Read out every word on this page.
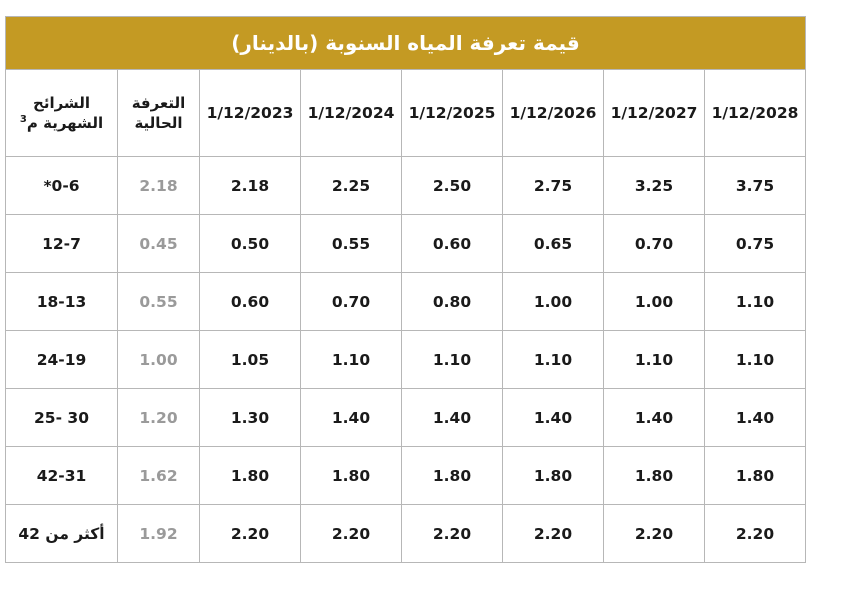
قيمة تعرفة المياه السنوبة (بالدينار)							
1/12/2028	1/12/2027	1/12/2026	1/12/2025	1/12/2024	1/12/2023	التعرفة الحالية	الشرائح الشهرية م$^3$
3.75	3.25	2.75	2.50	2.25	2.18	2.18	0-6*
0.75	0.70	0.65	0.60	0.55	0.50	0.45	12-7
1.10	1.00	1.00	0.80	0.70	0.60	0.55	18-13
1.10	1.10	1.10	1.10	1.10	1.05	1.00	24-19
1.40	1.40	1.40	1.40	1.40	1.30	1.20	30 -25
1.80	1.80	1.80	1.80	1.80	1.80	1.62	42-31
2.20	2.20	2.20	2.20	2.20	2.20	1.92	أكثر من 42
